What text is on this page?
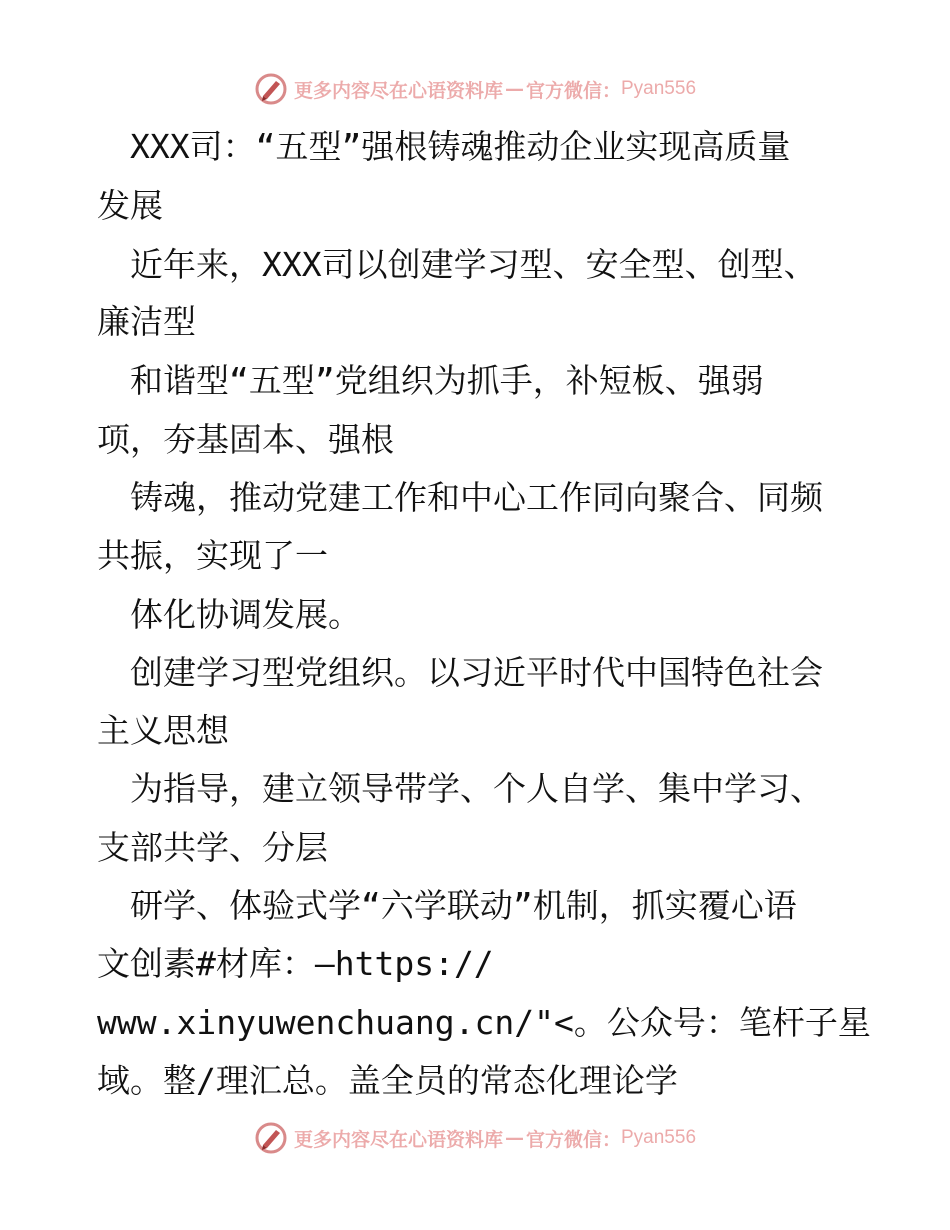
更多内容尽在心语资料库 — 官方微信： Pyan556
　XXX司：“五型”强根铸魂推动企业实现高质量
发展
　近年来，XXX司以创建学习型、安全型、创型、
廉洁型
　和谐型“五型”党组织为抓手，补短板、强弱
项，夯基固本、强根
　铸魂，推动党建工作和中心工作同向聚合、同频
共振，实现了一
　体化协调发展。
　创建学习型党组织。以习近平时代中国特色社会
主义思想
　为指导，建立领导带学、个人自学、集中学习、
支部共学、分层
　研学、体验式学“六学联动”机制，抓实覆心语
文创素#材库：—https://
www.xinyuwenchuang.cn/"<。公众号：笔杆子星
域。整/理汇总。盖全员的常态化理论学
更多内容尽在心语资料库 — 官方微信： Pyan556
